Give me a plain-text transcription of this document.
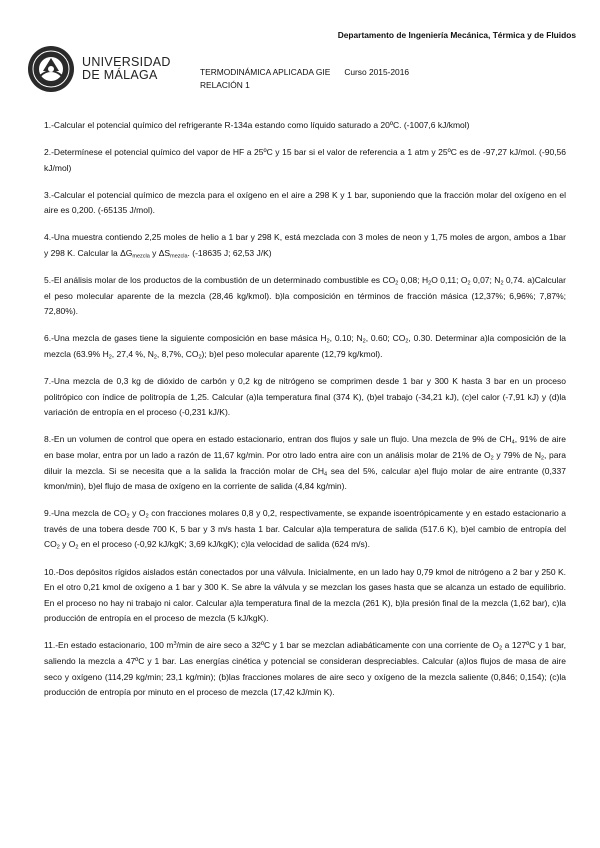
Departamento de Ingeniería Mecánica, Térmica y de Fluidos
UNIVERSIDAD
DE MÁLAGA	TERMODINÁMICA APLICADA GIE Curso 2015-2016
RELACIÓN 1

1.-Calcular el potencial químico del refrigerante R-134a estando como líquido saturado a 20ºC. (-1007,6 kJ/kmol)

2.-Determínese el potencial químico del vapor de HF a 25ºC y 15 bar si el valor de referencia a 1 atm y 25ºC es de -97,27 kJ/mol. (-90,56 kJ/mol)

3.-Calcular el potencial químico de mezcla para el oxígeno en el aire a 298 K y 1 bar, suponiendo que la fracción molar del oxígeno en el aire es 0,200. (-65135 J/mol).

4.-Una muestra contiendo 2,25 moles de helio a 1 bar y 298 K, está mezclada con 3 moles de neon y 1,75 moles de argon, ambos a 1bar y 298 K. Calcular la $\Delta G_{mezcla}$ y $\Delta S_{mezcla}$. (-18635 J; 62,53 J/K)

5.-El análisis molar de los productos de la combustión de un determinado combustible es $CO_2$ 0,08; $H_2O$ 0,11; $O_2$ 0,07; $N_2$ 0,74. a)Calcular el peso molecular aparente de la mezcla (28,46 kg/kmol). b)la composición en términos de fracción másica (12,37%; 6,96%; 7,87%; 72,80%).

6.-Una mezcla de gases tiene la siguiente composición en base másica $H_2$, 0.10; $N_2$, 0.60; $CO_2$, 0.30. Determinar a)la composición de la mezcla (63.9% $H_2$, 27,4 %, $N_2$, 8,7%, $CO_2$); b)el peso molecular aparente (12,79 kg/kmol).

7.-Una mezcla de 0,3 kg de dióxido de carbón y 0,2 kg de nitrógeno se comprimen desde 1 bar y 300 K hasta 3 bar en un proceso politrópico con índice de politropía de 1,25. Calcular (a)la temperatura final (374 K), (b)el trabajo (-34,21 kJ), (c)el calor (-7,91 kJ) y (d)la variación de entropía en el proceso (-0,231 kJ/K).

8.-En un volumen de control que opera en estado estacionario, entran dos flujos y sale un flujo. Una mezcla de 9% de $CH_4$, 91% de aire en base molar, entra por un lado a razón de 11,67 kg/min. Por otro lado entra aire con un análisis molar de 21% de $O_2$ y 79% de $N_2$, para diluir la mezcla. Si se necesita que a la salida la fracción molar de $CH_4$ sea del 5%, calcular a)el flujo molar de aire entrante (0,337 kmon/min), b)el flujo de masa de oxígeno en la corriente de salida (4,84 kg/min).

9.-Una mezcla de $CO_2$ y $O_2$ con fracciones molares 0,8 y 0,2, respectivamente, se expande isoentrópicamente y en estado estacionario a través de una tobera desde 700 K, 5 bar y 3 m/s hasta 1 bar. Calcular a)la temperatura de salida (517.6 K), b)el cambio de entropía del $CO_2$ y $O_2$ en el proceso (-0,92 kJ/kgK; 3,69 kJ/kgK); c)la velocidad de salida (624 m/s).

10.-Dos depósitos rígidos aislados están conectados por una válvula. Inicialmente, en un lado hay 0,79 kmol de nitrógeno a 2 bar y 250 K. En el otro 0,21 kmol de oxígeno a 1 bar y 300 K. Se abre la válvula y se mezclan los gases hasta que se alcanza un estado de equilibrio. En el proceso no hay ni trabajo ni calor. Calcular a)la temperatura final de la mezcla (261 K), b)la presión final de la mezcla (1,62 bar), c)la producción de entropía en el proceso de mezcla (5 kJ/kgK).

11.-En estado estacionario, 100 $m^3/\min$ de aire seco a 32ºC y 1 bar se mezclan adiabáticamente con una corriente de $O_2$ a 127ºC y 1 bar, saliendo la mezcla a 47ºC y 1 bar. Las energías cinética y potencial se consideran despreciables. Calcular (a)los flujos de masa de aire seco y oxígeno (114,29 kg/min; 23,1 kg/min); (b)las fracciones molares de aire seco y oxígeno de la mezcla saliente (0,846; 0,154); (c)la producción de entropía por minuto en el proceso de mezcla (17,42 kJ/min K).
